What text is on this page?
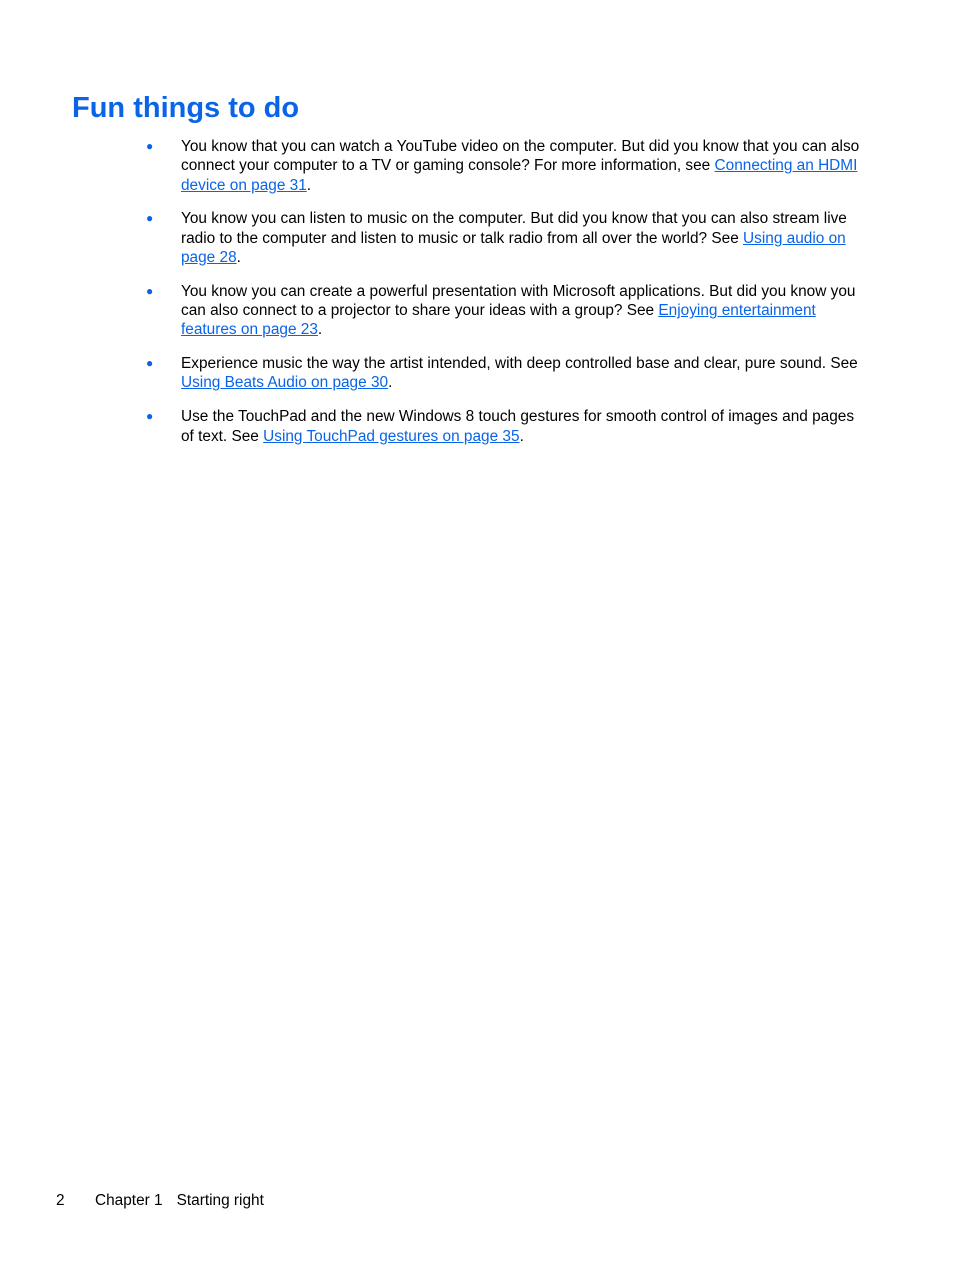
Fun things to do
● You know that you can watch a YouTube video on the computer. But did you know that you can also connect your computer to a TV or gaming console? For more information, see Connecting an HDMI device on page 31.
● You know you can listen to music on the computer. But did you know that you can also stream live radio to the computer and listen to music or talk radio from all over the world? See Using audio on page 28.
● You know you can create a powerful presentation with Microsoft applications. But did you know you can also connect to a projector to share your ideas with a group? See Enjoying entertainment features on page 23.
● Experience music the way the artist intended, with deep controlled base and clear, pure sound. See Using Beats Audio on page 30.
● Use the TouchPad and the new Windows 8 touch gestures for smooth control of images and pages of text. See Using TouchPad gestures on page 35.
2 Chapter 1 Starting right
